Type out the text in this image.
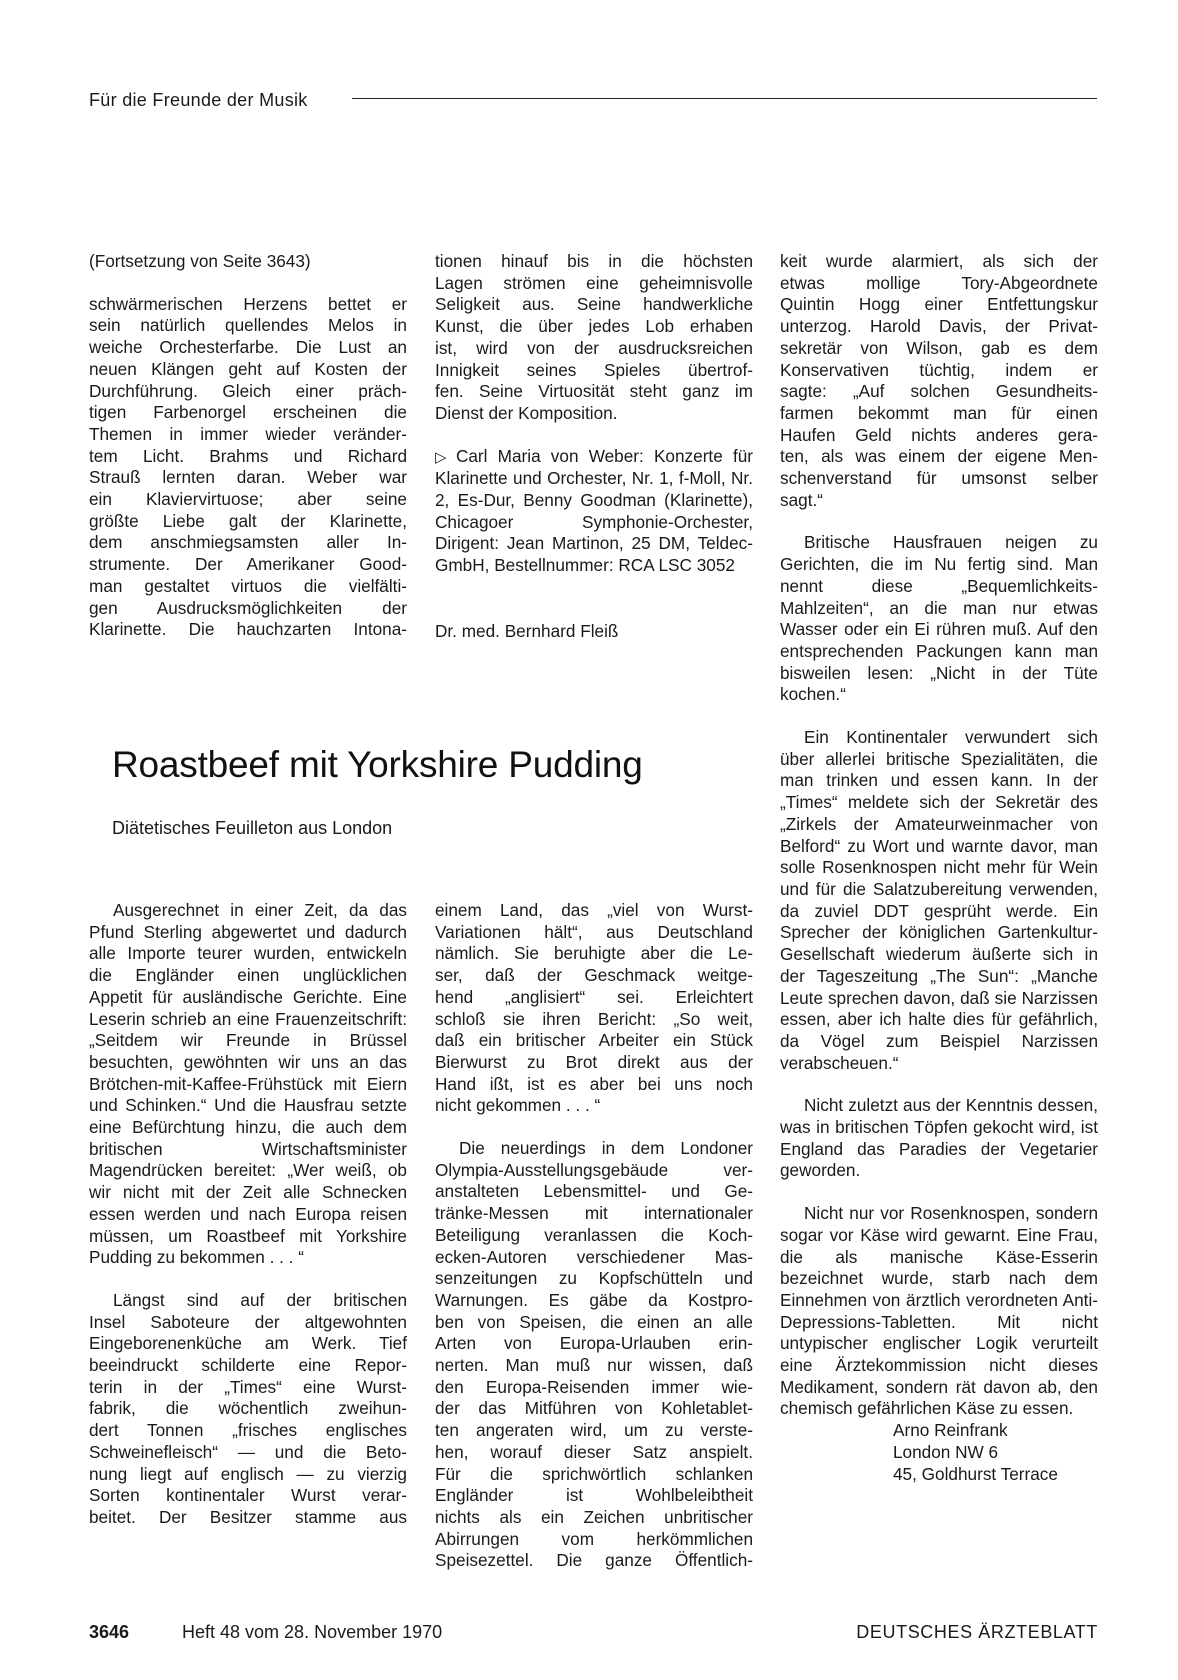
Für die Freunde der Musik

(Fortsetzung von Seite 3643)

schwärmerischen Herzens bettet er
sein natürlich quellendes Melos in
weiche Orchesterfarbe. Die Lust an
neuen Klängen geht auf Kosten der
Durchführung. Gleich einer präch-
tigen Farbenorgel erscheinen die
Themen in immer wieder veränder-
tem Licht. Brahms und Richard
Strauß lernten daran. Weber war
ein Klaviervirtuose; aber seine
größte Liebe galt der Klarinette,
dem anschmiegsamsten aller In-
strumente. Der Amerikaner Good-
man gestaltet virtuos die vielfälti-
gen Ausdrucksmöglichkeiten der
Klarinette. Die hauchzarten Intona-
tionen hinauf bis in die höchsten
Lagen strömen eine geheimnisvolle
Seligkeit aus. Seine handwerkliche
Kunst, die über jedes Lob erhaben
ist, wird von der ausdrucksreichen
Innigkeit seines Spieles übertrof-
fen. Seine Virtuosität steht ganz im
Dienst der Komposition.

▷ Carl Maria von Weber: Konzerte für Klarinette und Orchester, Nr. 1, f-Moll, Nr. 2, Es-Dur, Benny Goodman (Klarinette), Chicagoer Symphonie-Orchester, Dirigent: Jean Martinon, 25 DM, Teldec-GmbH, Bestellnummer: RCA LSC 3052

Dr. med. Bernhard Fleiß

keit wurde alarmiert, als sich der
etwas mollige Tory-Abgeordnete
Quintin Hogg einer Entfettungskur
unterzog. Harold Davis, der Privat-
sekretär von Wilson, gab es dem
Konservativen tüchtig, indem er
sagte: „Auf solchen Gesundheits-
farmen bekommt man für einen
Haufen Geld nichts anderes gera-
ten, als was einem der eigene Men-
schenverstand für umsonst selber
sagt.“

Britische Hausfrauen neigen zu Gerichten, die im Nu fertig sind. Man nennt diese „Bequemlichkeits-Mahlzeiten“, an die man nur etwas Wasser oder ein Ei rühren muß. Auf den entsprechenden Packungen kann man bisweilen lesen: „Nicht in der Tüte kochen.“

Ein Kontinentaler verwundert sich über allerlei britische Spezialitäten, die man trinken und essen kann. In der „Times“ meldete sich der Sekretär des „Zirkels der Amateurweinmacher von Belford“ zu Wort und warnte davor, man solle Rosenknospen nicht mehr für Wein und für die Salatzubereitung verwenden, da zuviel DDT gesprüht werde. Ein Sprecher der königlichen Gartenkultur-Gesellschaft wiederum äußerte sich in der Tageszeitung „The Sun“: „Manche Leute sprechen davon, daß sie Narzissen essen, aber ich halte dies für gefährlich, da Vögel zum Beispiel Narzissen verabscheuen.“

Nicht zuletzt aus der Kenntnis dessen, was in britischen Töpfen gekocht wird, ist England das Paradies der Vegetarier geworden.

Nicht nur vor Rosenknospen, sondern sogar vor Käse wird gewarnt. Eine Frau, die als manische Käse-Esserin bezeichnet wurde, starb nach dem Einnehmen von ärztlich verordneten Anti-Depressions-Tabletten. Mit nicht untypischer englischer Logik verurteilt eine Ärztekommission nicht dieses Medikament, sondern rät davon ab, den chemisch gefährlichen Käse zu essen.

Arno Reinfrank

London NW 6

45, Goldhurst Terrace

Roastbeef mit Yorkshire Pudding
Diätetisches Feuilleton aus London

Ausgerechnet in einer Zeit, da das Pfund Sterling abgewertet und dadurch alle Importe teurer wurden, entwickeln die Engländer einen unglücklichen Appetit für ausländische Gerichte. Eine Leserin schrieb an eine Frauenzeitschrift: „Seitdem wir Freunde in Brüssel besuchten, gewöhnten wir uns an das Brötchen-mit-Kaffee-Frühstück mit Eiern und Schinken.“ Und die Hausfrau setzte eine Befürchtung hinzu, die auch dem britischen Wirtschaftsminister Magendrücken bereitet: „Wer weiß, ob wir nicht mit der Zeit alle Schnecken essen werden und nach Europa reisen müssen, um Roastbeef mit Yorkshire Pudding zu bekommen . . . “

Längst sind auf der britischen
Insel Saboteure der altgewohnten
Eingeborenenküche am Werk. Tief
beeindruckt schilderte eine Repor-
terin in der „Times“ eine Wurst-
fabrik, die wöchentlich zweihun-
dert Tonnen „frisches englisches
Schweinefleisch“ — und die Beto-
nung liegt auf englisch — zu vierzig
Sorten kontinentaler Wurst verar-
beitet. Der Besitzer stamme aus
einem Land, das „viel von Wurst-
Variationen hält“, aus Deutschland
nämlich. Sie beruhigte aber die Le-
ser, daß der Geschmack weitge-
hend „anglisiert“ sei. Erleichtert
schloß sie ihren Bericht: „So weit,
daß ein britischer Arbeiter ein Stück
Bierwurst zu Brot direkt aus der
Hand ißt, ist es aber bei uns noch
nicht gekommen . . . “
Die neuerdings in dem Londoner
Olympia-Ausstellungsgebäude ver-
anstalteten Lebensmittel- und Ge-
tränke-Messen mit internationaler
Beteiligung veranlassen die Koch-
ecken-Autoren verschiedener Mas-
senzeitungen zu Kopfschütteln und
Warnungen. Es gäbe da Kostpro-
ben von Speisen, die einen an alle
Arten von Europa-Urlauben erin-
nerten. Man muß nur wissen, daß
den Europa-Reisenden immer wie-
der das Mitführen von Kohletablet-
ten angeraten wird, um zu verste-
hen, worauf dieser Satz anspielt.
Für die sprichwörtlich schlanken
Engländer ist Wohlbeleibtheit
nichts als ein Zeichen unbritischer
Abirrungen vom herkömmlichen
Speisezettel. Die ganze Öffentlich-
3646	Heft 48 vom 28. November 1970	DEUTSCHES ÄRZTEBLATT
